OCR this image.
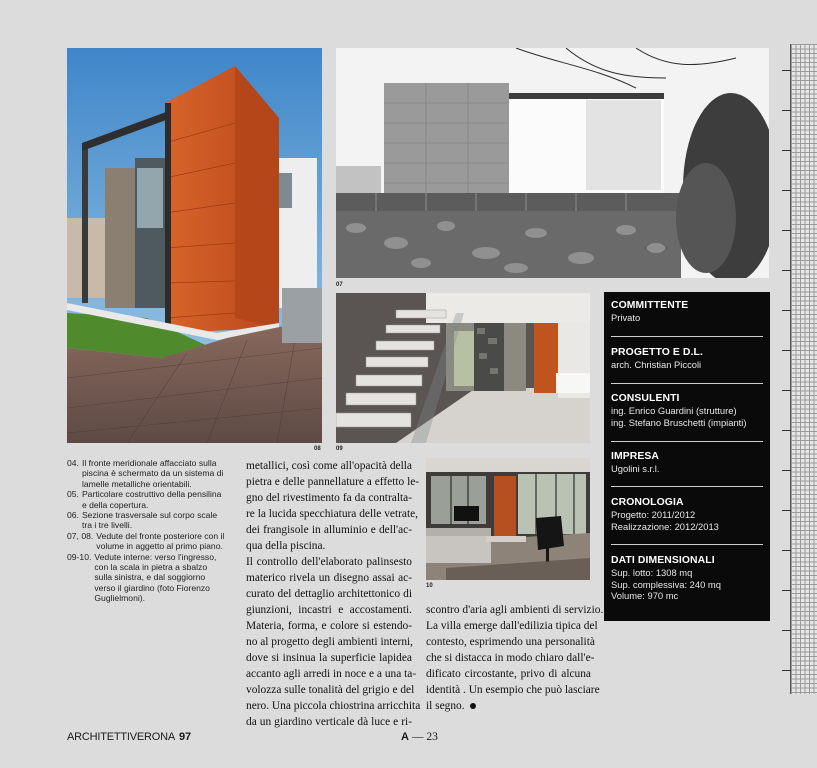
08
07
09
10
04. Il fronte meridionale affacciato sulla piscina è schermato da un sistema di lamelle metalliche orientabili.
05. Particolare costruttivo della pensilina e della copertura.
06. Sezione trasversale sul corpo scale tra i tre livelli.
07, 08. Vedute del fronte posteriore con il volume in aggetto al primo piano.
09-10. Vedute interne: verso l'ingresso, con la scala in pietra a sbalzo sulla sinistra, e dal soggiorno verso il giardino (foto Fiorenzo Guglielmoni).
metallici, così come all'opacità della
pietra e delle pannellature a effetto le-
gno del rivestimento fa da contralta-
re la lucida specchiatura delle vetrate,
dei frangisole in alluminio e dell'ac-
qua della piscina.
Il controllo dell'elaborato palinsesto
materico rivela un disegno assai ac-
curato del dettaglio architettonico di
giunzioni, incastri e accostamenti.
Materia, forma, e colore si estendo-
no al progetto degli ambienti interni,
dove si insinua la superficie lapidea
accanto agli arredi in noce e a una ta-
volozza sulle tonalità del grigio e del
nero. Una piccola chiostrina arricchita
da un giardino verticale dà luce e ri-
scontro d'aria agli ambienti di servizio.
La villa emerge dall'edilizia tipica del
contesto, esprimendo una personalità
che si distacca in modo chiaro dall'e-
dificato circostante, privo di alcuna
identità . Un esempio che può lasciare
il segno.
COMMITTENTE
Privato
PROGETTO E D.L.
arch. Christian Piccoli
CONSULENTI
ing. Enrico Guardini (strutture)
ing. Stefano Bruschetti (impianti)
IMPRESA
Ugolini s.r.l.
CRONOLOGIA
Progetto: 2011/2012
Realizzazione: 2012/2013
DATI DIMENSIONALI
Sup. lotto: 1308 mq
Sup. complessiva: 240 mq
Volume: 970 mc
ARCHITETTIVERONA 97	A — 23
